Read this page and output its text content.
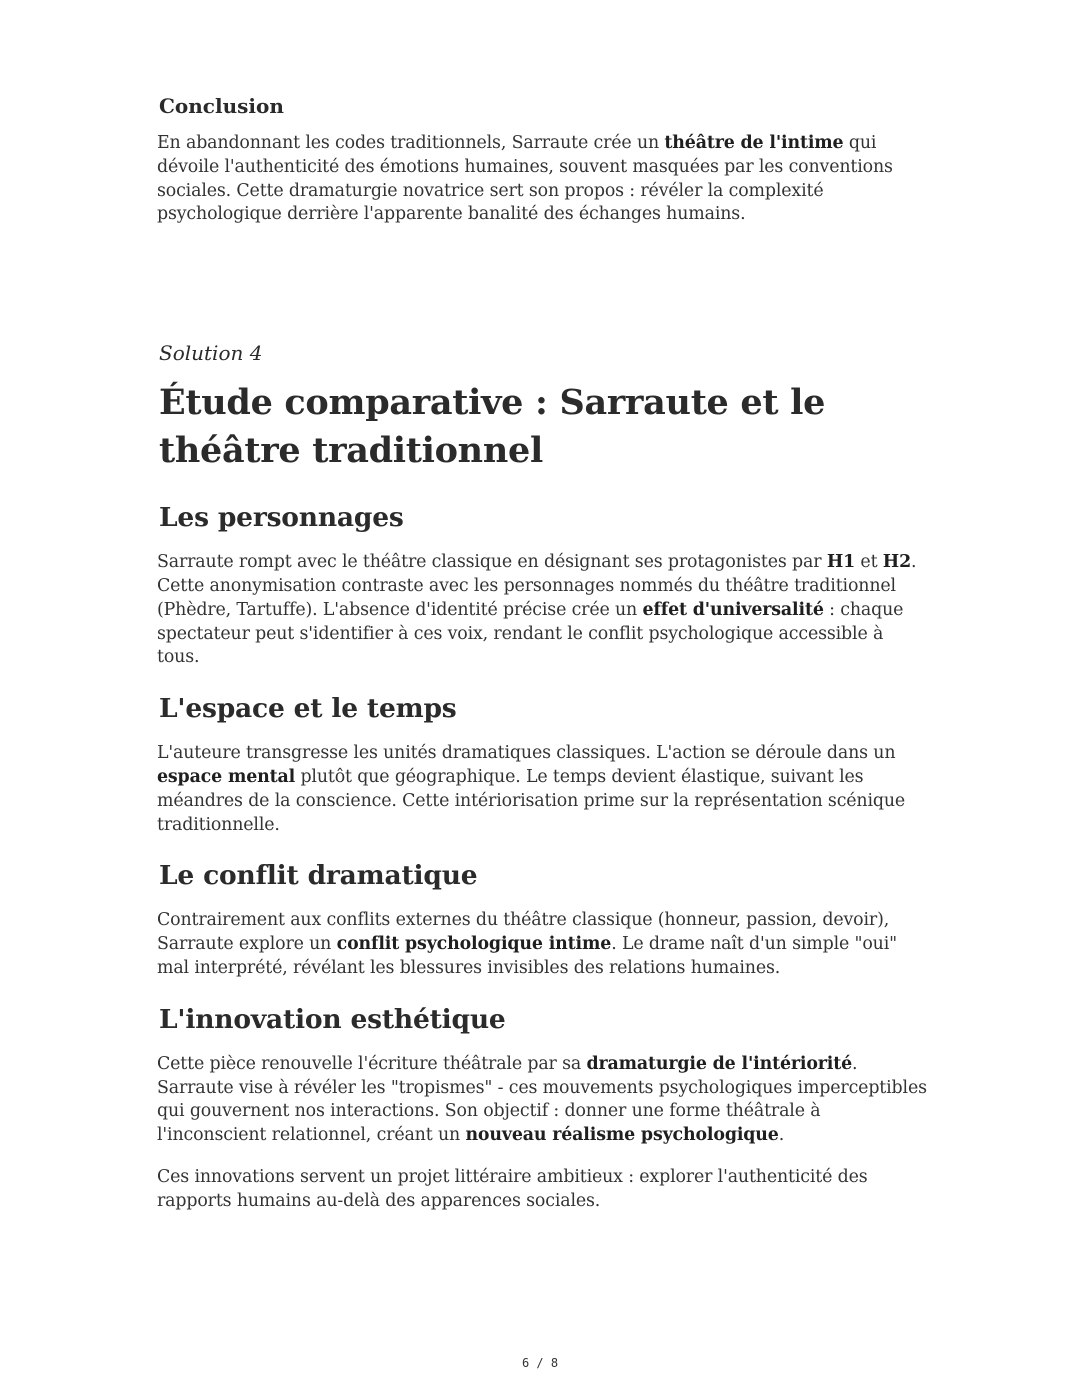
Conclusion

En abandonnant les codes traditionnels, Sarraute crée un théâtre de l'intime qui dévoile l'authenticité des émotions humaines, souvent masquées par les conventions sociales. Cette dramaturgie novatrice sert son propos : révéler la complexité psychologique derrière l'apparente banalité des échanges humains.

Solution 4
Étude comparative : Sarraute et le théâtre traditionnel
Les personnages

Sarraute rompt avec le théâtre classique en désignant ses protagonistes par H1 et H2. Cette anonymisation contraste avec les personnages nommés du théâtre traditionnel (Phèdre, Tartuffe). L'absence d'identité précise crée un effet d'universalité : chaque spectateur peut s'identifier à ces voix, rendant le conflit psychologique accessible à tous.

L'espace et le temps

L'auteure transgresse les unités dramatiques classiques. L'action se déroule dans un espace mental plutôt que géographique. Le temps devient élastique, suivant les méandres de la conscience. Cette intériorisation prime sur la représentation scénique traditionnelle.

Le conflit dramatique

Contrairement aux conflits externes du théâtre classique (honneur, passion, devoir), Sarraute explore un conflit psychologique intime. Le drame naît d'un simple "oui" mal interprété, révélant les blessures invisibles des relations humaines.

L'innovation esthétique

Cette pièce renouvelle l'écriture théâtrale par sa dramaturgie de l'intériorité. Sarraute vise à révéler les "tropismes" - ces mouvements psychologiques imperceptibles qui gouvernent nos interactions. Son objectif : donner une forme théâtrale à l'inconscient relationnel, créant un nouveau réalisme psychologique.

Ces innovations servent un projet littéraire ambitieux : explorer l'authenticité des rapports humains au-delà des apparences sociales.

6 / 8
